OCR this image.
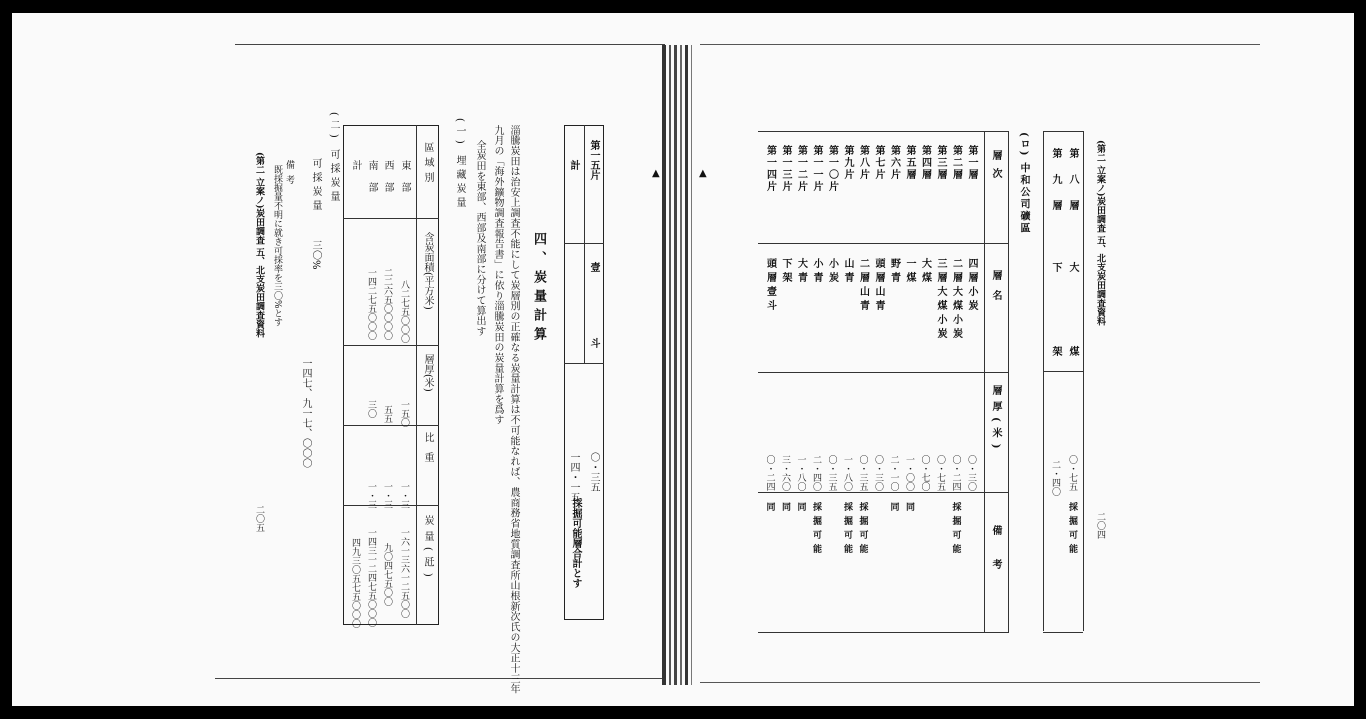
第一五片
計
壹
斗
〇・三五
一四・一五
採掘可能層合計とす
四、炭量計算
淄騰炭田は治安上調査不能にして炭層別の正確なる炭量計算は不可能なれば、農商務省地質調査所山根新次氏の大正十三年
九月の「海外鑛物調査報告書」に依り淄騰炭田の炭量計算を爲す
全炭田を東部、西部及南部に分けて算出す
(一) 埋藏炭量
區域別
含炭面積(平方米)
層厚(米)
比重
炭量(瓩)
東部
西部
南部
計
八二七五〇〇〇
二二六五〇〇〇〇
一四二七五〇〇〇
一五〇
五五
三〇
一・三
一・三
一・三
一六一三六一二五〇〇
九〇四七五〇〇
一四三一二四七五〇〇〇
四九三〇五七五〇〇〇
(二) 可採炭量
可採炭量
三〇%
一四七、九一七、〇〇〇
備考
既採掘量不明に就き可採率を三〇%とす
(第二 立案ノ)炭田調査 五、北支炭田調査資料
二〇五
▲	▲
二〇四
(第二 立案ノ)炭田調査 五、北支炭田調査資料
第八層
大
煤
〇・七五
採掘可能
第九層
下
架
二・四〇
(ロ) 中和公司礦區
層次
層名
層厚(米)
備考
第一層
四層小炭
〇・三〇
第二層
二層大煤小炭
〇・二四
採掘可能
第三層
三層大煤小炭
〇・七五
第四層
大煤
〇・七〇
第五層
一煤
一・〇〇
同
第六片
野青
二・一〇
同
第七片
頭層山青
〇・三〇
第八片
二層山青
〇・三五
採掘可能
第九片
山青
一・八〇
採掘可能
第一〇片
小炭
〇・三五
第一一片
小青
二・四〇
採掘可能
第一二片
大青
一・八〇
同
第一三片
下架
三・六〇
同
第一四片
頭層壹斗
〇・二四
同
